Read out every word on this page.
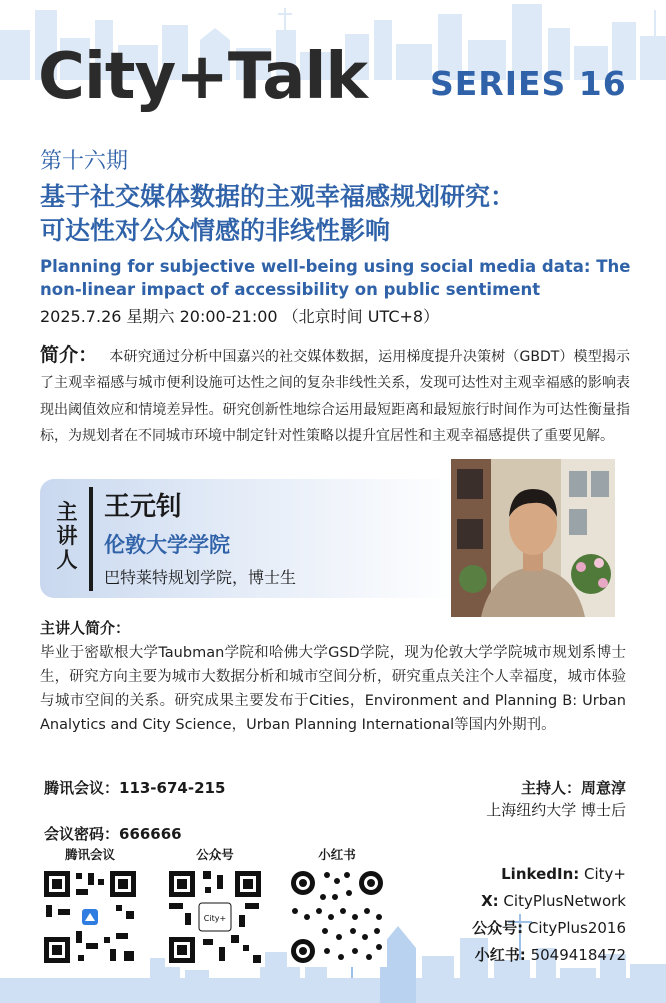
City+Talk SERIES 16
第十六期
基于社交媒体数据的主观幸福感规划研究：
可达性对公众情感的非线性影响
Planning for subjective well-being using social media data: The
non-linear impact of accessibility on public sentiment
2025.7.26 星期六 20:00-21:00 （北京时间 UTC+8）
简介： 本研究通过分析中国嘉兴的社交媒体数据，运用梯度提升决策树（GBDT）模型揭示了主观幸福感与城市便利设施可达性之间的复杂非线性关系，发现可达性对主观幸福感的影响表现出阈值效应和情境差异性。研究创新性地综合运用最短距离和最短旅行时间作为可达性衡量指标，为规划者在不同城市环境中制定针对性策略以提升宜居性和主观幸福感提供了重要见解。
主
讲
人
王元钊
伦敦大学学院
巴特莱特规划学院，博士生
主讲人简介：
毕业于密歇根大学Taubman学院和哈佛大学GSD学院，现为伦敦大学学院城市规划系博士生，研究方向主要为城市大数据分析和城市空间分析，研究重点关注个人幸福度，城市体验与城市空间的关系。研究成果主要发布于Cities，Environment and Planning B: Urban Analytics and City Science，Urban Planning International等国内外期刊。
腾讯会议：113-674-215
会议密码：666666
主持人：周意淳
上海纽约大学 博士后
腾讯会议	公众号
City+
小红书
LinkedIn: City+
X: CityPlusNetwork
公众号: CityPlus2016
小红书: 5049418472
